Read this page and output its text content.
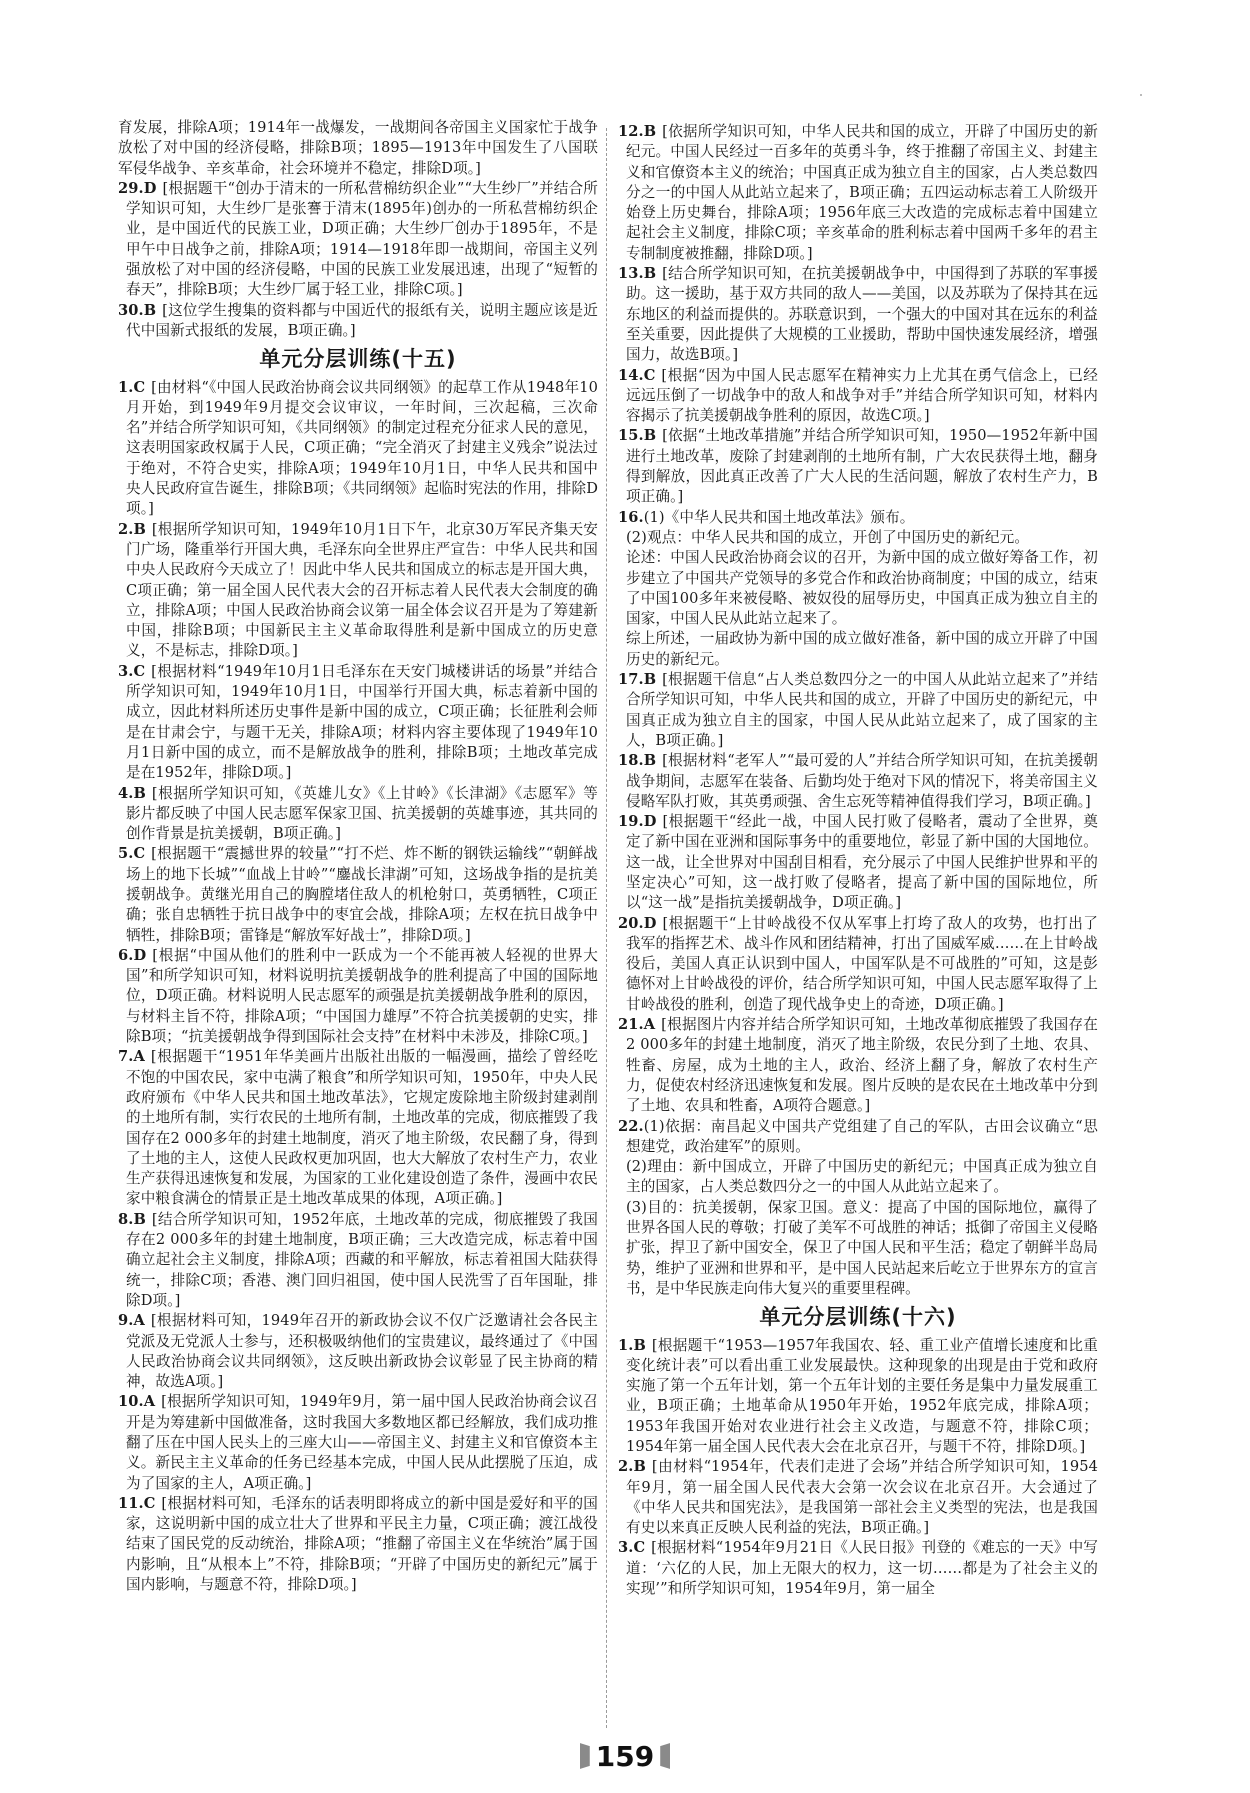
育发展，排除A项；1914年一战爆发，一战期间各帝国主义国家忙于战争放松了对中国的经济侵略，排除B项；1895—1913年中国发生了八国联军侵华战争、辛亥革命，社会环境并不稳定，排除D项。]

29.D [根据题干“创办于清末的一所私营棉纺织企业”“大生纱厂”并结合所学知识可知，大生纱厂是张謇于清末(1895年)创办的一所私营棉纺织企业，是中国近代的民族工业，D项正确；大生纱厂创办于1895年，不是甲午中日战争之前，排除A项；1914—1918年即一战期间，帝国主义列强放松了对中国的经济侵略，中国的民族工业发展迅速，出现了“短暂的春天”，排除B项；大生纱厂属于轻工业，排除C项。]

30.B [这位学生搜集的资料都与中国近代的报纸有关，说明主题应该是近代中国新式报纸的发展，B项正确。]

单元分层训练(十五)

1.C [由材料“《中国人民政治协商会议共同纲领》的起草工作从1948年10月开始，到1949年9月提交会议审议，一年时间，三次起稿，三次命名”并结合所学知识可知，《共同纲领》的制定过程充分征求人民的意见，这表明国家政权属于人民，C项正确；“完全消灭了封建主义残余”说法过于绝对，不符合史实，排除A项；1949年10月1日，中华人民共和国中央人民政府宣告诞生，排除B项；《共同纲领》起临时宪法的作用，排除D项。]

2.B [根据所学知识可知，1949年10月1日下午，北京30万军民齐集天安门广场，隆重举行开国大典，毛泽东向全世界庄严宣告：中华人民共和国中央人民政府今天成立了！因此中华人民共和国成立的标志是开国大典，C项正确；第一届全国人民代表大会的召开标志着人民代表大会制度的确立，排除A项；中国人民政治协商会议第一届全体会议召开是为了筹建新中国，排除B项；中国新民主主义革命取得胜利是新中国成立的历史意义，不是标志，排除D项。]

3.C [根据材料“1949年10月1日毛泽东在天安门城楼讲话的场景”并结合所学知识可知，1949年10月1日，中国举行开国大典，标志着新中国的成立，因此材料所述历史事件是新中国的成立，C项正确；长征胜利会师是在甘肃会宁，与题干无关，排除A项；材料内容主要体现了1949年10月1日新中国的成立，而不是解放战争的胜利，排除B项；土地改革完成是在1952年，排除D项。]

4.B [根据所学知识可知，《英雄儿女》《上甘岭》《长津湖》《志愿军》等影片都反映了中国人民志愿军保家卫国、抗美援朝的英雄事迹，其共同的创作背景是抗美援朝，B项正确。]

5.C [根据题干“震撼世界的较量”“打不烂、炸不断的钢铁运输线”“朝鲜战场上的地下长城”“血战上甘岭”“鏖战长津湖”可知，这场战争指的是抗美援朝战争。黄继光用自己的胸膛堵住敌人的机枪射口，英勇牺牲，C项正确；张自忠牺牲于抗日战争中的枣宜会战，排除A项；左权在抗日战争中牺牲，排除B项；雷锋是“解放军好战士”，排除D项。]

6.D [根据“中国从他们的胜利中一跃成为一个不能再被人轻视的世界大国”和所学知识可知，材料说明抗美援朝战争的胜利提高了中国的国际地位，D项正确。材料说明人民志愿军的顽强是抗美援朝战争胜利的原因，与材料主旨不符，排除A项；“中国国力雄厚”不符合抗美援朝的史实，排除B项；“抗美援朝战争得到国际社会支持”在材料中未涉及，排除C项。]

7.A [根据题干“1951年华美画片出版社出版的一幅漫画，描绘了曾经吃不饱的中国农民，家中屯满了粮食”和所学知识可知，1950年，中央人民政府颁布《中华人民共和国土地改革法》，它规定废除地主阶级封建剥削的土地所有制，实行农民的土地所有制，土地改革的完成，彻底摧毁了我国存在2 000多年的封建土地制度，消灭了地主阶级，农民翻了身，得到了土地的主人，这使人民政权更加巩固，也大大解放了农村生产力，农业生产获得迅速恢复和发展，为国家的工业化建设创造了条件，漫画中农民家中粮食满仓的情景正是土地改革成果的体现，A项正确。]

8.B [结合所学知识可知，1952年底，土地改革的完成，彻底摧毁了我国存在2 000多年的封建土地制度，B项正确；三大改造完成，标志着中国确立起社会主义制度，排除A项；西藏的和平解放，标志着祖国大陆获得统一，排除C项；香港、澳门回归祖国，使中国人民洗雪了百年国耻，排除D项。]

9.A [根据材料可知，1949年召开的新政协会议不仅广泛邀请社会各民主党派及无党派人士参与，还积极吸纳他们的宝贵建议，最终通过了《中国人民政治协商会议共同纲领》，这反映出新政协会议彰显了民主协商的精神，故选A项。]

10.A [根据所学知识可知，1949年9月，第一届中国人民政治协商会议召开是为筹建新中国做准备，这时我国大多数地区都已经解放，我们成功推翻了压在中国人民头上的三座大山——帝国主义、封建主义和官僚资本主义。新民主主义革命的任务已经基本完成，中国人民从此摆脱了压迫，成为了国家的主人，A项正确。]

11.C [根据材料可知，毛泽东的话表明即将成立的新中国是爱好和平的国家，这说明新中国的成立壮大了世界和平民主力量，C项正确；渡江战役结束了国民党的反动统治，排除A项；“推翻了帝国主义在华统治”属于国内影响，且“从根本上”不符，排除B项；“开辟了中国历史的新纪元”属于国内影响，与题意不符，排除D项。]

12.B [依据所学知识可知，中华人民共和国的成立，开辟了中国历史的新纪元。中国人民经过一百多年的英勇斗争，终于推翻了帝国主义、封建主义和官僚资本主义的统治；中国真正成为独立自主的国家，占人类总数四分之一的中国人从此站立起来了，B项正确；五四运动标志着工人阶级开始登上历史舞台，排除A项；1956年底三大改造的完成标志着中国建立起社会主义制度，排除C项；辛亥革命的胜利标志着中国两千多年的君主专制制度被推翻，排除D项。]

13.B [结合所学知识可知，在抗美援朝战争中，中国得到了苏联的军事援助。这一援助，基于双方共同的敌人——美国，以及苏联为了保持其在远东地区的利益而提供的。苏联意识到，一个强大的中国对其在远东的利益至关重要，因此提供了大规模的工业援助，帮助中国快速发展经济，增强国力，故选B项。]

14.C [根据“因为中国人民志愿军在精神实力上尤其在勇气信念上，已经远远压倒了一切战争中的敌人和战争对手”并结合所学知识可知，材料内容揭示了抗美援朝战争胜利的原因，故选C项。]

15.B [依据“土地改革措施”并结合所学知识可知，1950—1952年新中国进行土地改革，废除了封建剥削的土地所有制，广大农民获得土地，翻身得到解放，因此真正改善了广大人民的生活问题，解放了农村生产力，B项正确。]

16.(1)《中华人民共和国土地改革法》颁布。

(2)观点：中华人民共和国的成立，开创了中国历史的新纪元。

论述：中国人民政治协商会议的召开，为新中国的成立做好筹备工作，初步建立了中国共产党领导的多党合作和政治协商制度；中国的成立，结束了中国100多年来被侵略、被奴役的屈辱历史，中国真正成为独立自主的国家，中国人民从此站立起来了。

综上所述，一届政协为新中国的成立做好准备，新中国的成立开辟了中国历史的新纪元。

17.B [根据题干信息“占人类总数四分之一的中国人从此站立起来了”并结合所学知识可知，中华人民共和国的成立，开辟了中国历史的新纪元，中国真正成为独立自主的国家，中国人民从此站立起来了，成了国家的主人，B项正确。]

18.B [根据材料“老军人”“最可爱的人”并结合所学知识可知，在抗美援朝战争期间，志愿军在装备、后勤均处于绝对下风的情况下，将美帝国主义侵略军队打败，其英勇顽强、舍生忘死等精神值得我们学习，B项正确。]

19.D [根据题干“经此一战，中国人民打败了侵略者，震动了全世界，奠定了新中国在亚洲和国际事务中的重要地位，彰显了新中国的大国地位。这一战，让全世界对中国刮目相看，充分展示了中国人民维护世界和平的坚定决心”可知，这一战打败了侵略者，提高了新中国的国际地位，所以“这一战”是指抗美援朝战争，D项正确。]

20.D [根据题干“上甘岭战役不仅从军事上打垮了敌人的攻势，也打出了我军的指挥艺术、战斗作风和团结精神，打出了国威军威……在上甘岭战役后，美国人真正认识到中国人，中国军队是不可战胜的”可知，这是彭德怀对上甘岭战役的评价，结合所学知识可知，中国人民志愿军取得了上甘岭战役的胜利，创造了现代战争史上的奇迹，D项正确。]

21.A [根据图片内容并结合所学知识可知，土地改革彻底摧毁了我国存在2 000多年的封建土地制度，消灭了地主阶级，农民分到了土地、农具、牲畜、房屋，成为土地的主人，政治、经济上翻了身，解放了农村生产力，促使农村经济迅速恢复和发展。图片反映的是农民在土地改革中分到了土地、农具和牲畜，A项符合题意。]

22.(1)依据：南昌起义中国共产党组建了自己的军队，古田会议确立“思想建党，政治建军”的原则。

(2)理由：新中国成立，开辟了中国历史的新纪元；中国真正成为独立自主的国家，占人类总数四分之一的中国人从此站立起来了。

(3)目的：抗美援朝，保家卫国。意义：提高了中国的国际地位，赢得了世界各国人民的尊敬；打破了美军不可战胜的神话；抵御了帝国主义侵略扩张，捍卫了新中国安全，保卫了中国人民和平生活；稳定了朝鲜半岛局势，维护了亚洲和世界和平，是中国人民站起来后屹立于世界东方的宣言书，是中华民族走向伟大复兴的重要里程碑。

单元分层训练(十六)

1.B [根据题干“1953—1957年我国农、轻、重工业产值增长速度和比重变化统计表”可以看出重工业发展最快。这种现象的出现是由于党和政府实施了第一个五年计划，第一个五年计划的主要任务是集中力量发展重工业，B项正确；土地革命从1950年开始，1952年底完成，排除A项；1953年我国开始对农业进行社会主义改造，与题意不符，排除C项；1954年第一届全国人民代表大会在北京召开，与题干不符，排除D项。]

2.B [由材料“1954年，代表们走进了会场”并结合所学知识可知，1954年9月，第一届全国人民代表大会第一次会议在北京召开。大会通过了《中华人民共和国宪法》，是我国第一部社会主义类型的宪法，也是我国有史以来真正反映人民利益的宪法，B项正确。]

3.C [根据材料“1954年9月21日《人民日报》刊登的《难忘的一天》中写道：‘六亿的人民，加上无限大的权力，这一切……都是为了社会主义的实现’”和所学知识可知，1954年9月，第一届全

159
